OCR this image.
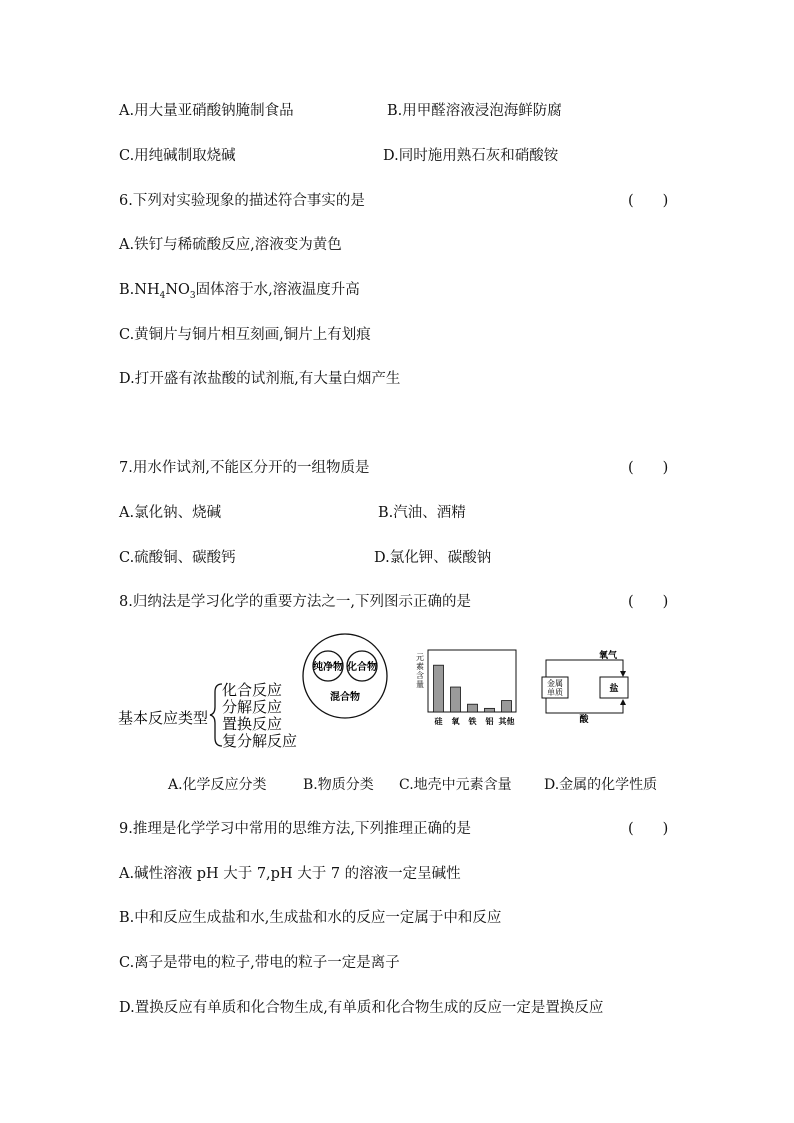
A.用大量亚硝酸钠腌制食品	B.用甲醛溶液浸泡海鲜防腐
C.用纯碱制取烧碱	D.同时施用熟石灰和硝酸铵
6.下列对实验现象的描述符合事实的是	(　　)
A.铁钉与稀硫酸反应,溶液变为黄色
$B.NH_4NO_3$固体溶于水,溶液温度升高
C.黄铜片与铜片相互刻画,铜片上有划痕
D.打开盛有浓盐酸的试剂瓶,有大量白烟产生
7.用水作试剂,不能区分开的一组物质是	(　　)
A.氯化钠、烧碱	B.汽油、酒精
C.硫酸铜、碳酸钙	D.氯化钾、碳酸钠
8.归纳法是学习化学的重要方法之一,下列图示正确的是	(　　)
基本反应类型
化合反应
分解反应
置换反应
复分解反应
纯净物 化合物
混合物
元
素
含
量
硅 氧 铁 铝 其他
氧气
金属
单质	盐
酸
A.化学反应分类	B.物质分类 C.地壳中元素含量 D.金属的化学性质
9.推理是化学学习中常用的思维方法,下列推理正确的是	(　　)
A.碱性溶液 pH 大于 7,pH 大于 7 的溶液一定呈碱性
B.中和反应生成盐和水,生成盐和水的反应一定属于中和反应
C.离子是带电的粒子,带电的粒子一定是离子
D.置换反应有单质和化合物生成,有单质和化合物生成的反应一定是置换反应
